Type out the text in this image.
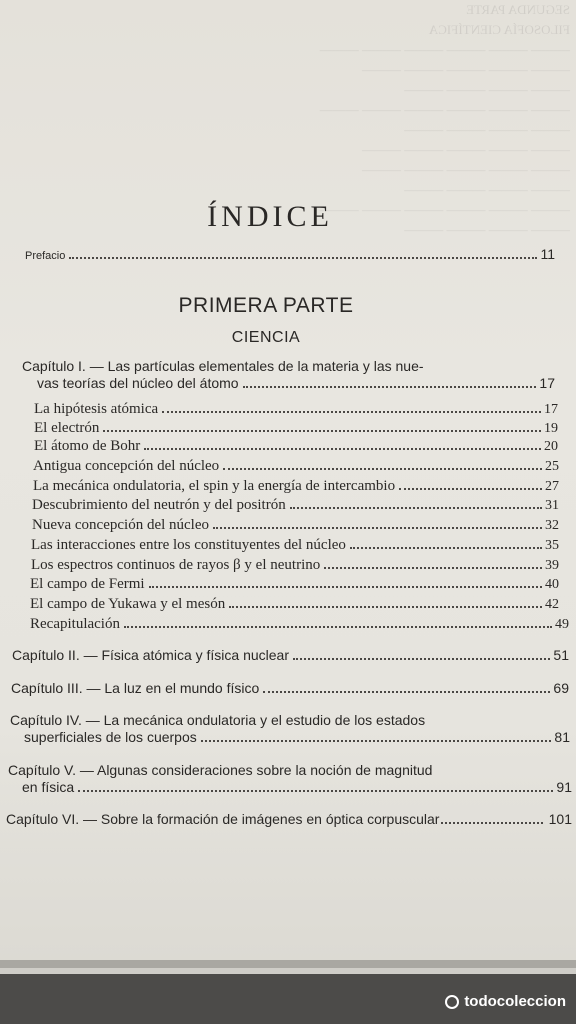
ÍNDICE
Prefacio	11
PRIMERA PARTE
CIENCIA
Capítulo I. — Las partículas elementales de la materia y las nue-
vas teorías del núcleo del átomo	17
La hipótesis atómica	17
El electrón	19
El átomo de Bohr	20
Antigua concepción del núcleo	25
La mecánica ondulatoria, el spin y la energía de intercambio	27
Descubrimiento del neutrón y del positrón	31
Nueva concepción del núcleo	32
Las interacciones entre los constituyentes del núcleo	35
Los espectros continuos de rayos β y el neutrino	39
El campo de Fermi	40
El campo de Yukawa y el mesón	42
Recapitulación	49
Capítulo II. — Física atómica y física nuclear	51
Capítulo III. — La luz en el mundo físico	69
Capítulo IV. — La mecánica ondulatoria y el estudio de los estados
superficiales de los cuerpos	81
Capítulo V. — Algunas consideraciones sobre la noción de magnitud
en física	91
Capítulo VI. — Sobre la formación de imágenes en óptica corpuscular	101
todocoleccion
